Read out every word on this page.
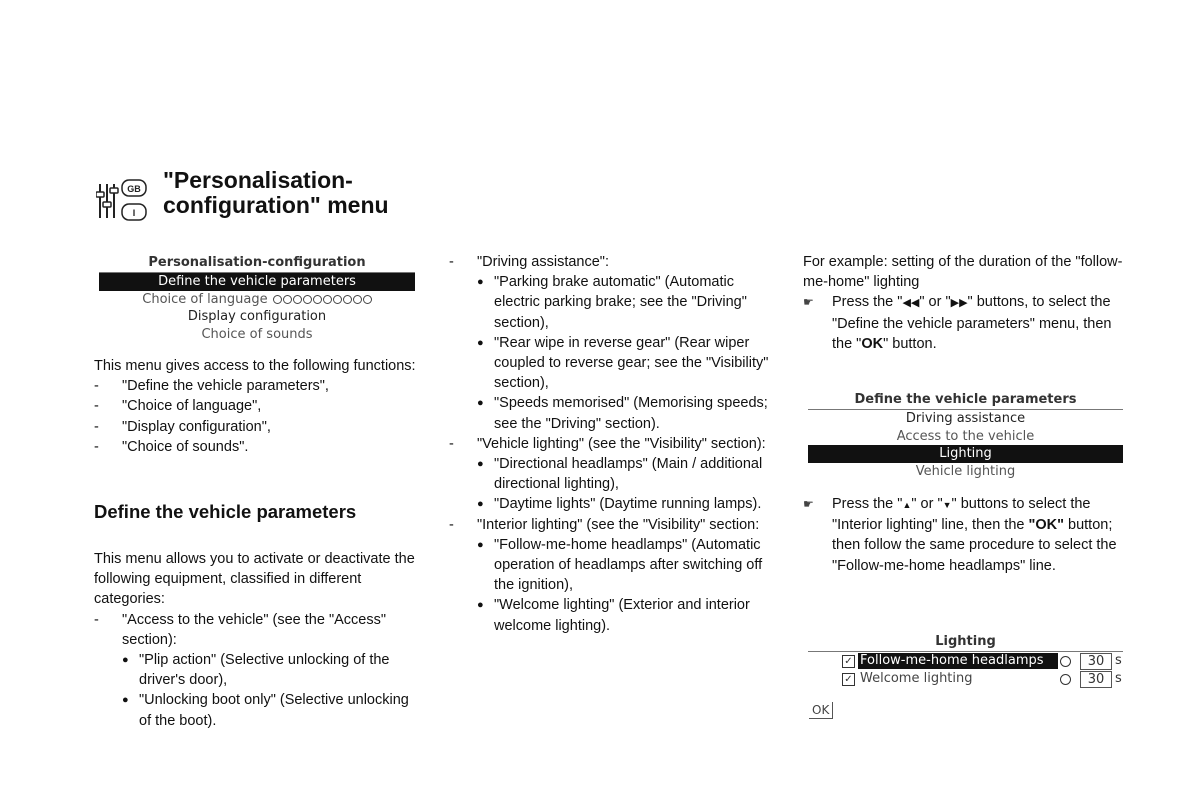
GB
I
"Personalisation-
configuration" menu
Personalisation-configuration
Define the vehicle parameters
Choice of language
Display configuration
Choice of sounds

This menu gives access to the following functions:

- "Define the vehicle parameters",
- "Choice of language",
- "Display configuration",
- "Choice of sounds".
Define the vehicle parameters

This menu allows you to activate or deactivate the following equipment, classified in different categories:

- "Access to the vehicle" (see the "Access" section):
● "Plip action" (Selective unlocking of the driver's door),
● "Unlocking boot only" (Selective unlocking of the boot).
- "Driving assistance":
● "Parking brake automatic" (Automatic electric parking brake; see the "Driving" section),
● "Rear wipe in reverse gear" (Rear wiper coupled to reverse gear; see the "Visibility" section),
● "Speeds memorised" (Memorising speeds; see the "Driving" section).
- "Vehicle lighting" (see the "Visibility" section):
● "Directional headlamps" (Main / additional directional lighting),
● "Daytime lights" (Daytime running lamps).
- "Interior lighting" (see the "Visibility" section:
● "Follow-me-home headlamps" (Automatic operation of headlamps after switching off the ignition),
● "Welcome lighting" (Exterior and interior welcome lighting).

For example: setting of the duration of the "follow-me-home" lighting

☛ Press the "◀◀" or "▶▶" buttons, to select the "Define the vehicle parameters" menu, then the "OK" button.
Define the vehicle parameters
Driving assistance
Access to the vehicle
Lighting
Vehicle lighting
☛ Press the "▲" or "▼" buttons to select the "Interior lighting" line, then the "OK" button; then follow the same procedure to select the "Follow-me-home headlamps" line.
Lighting
✓ Follow-me-home headlamps	30 s
✓ Welcome lighting	30 s
OK
